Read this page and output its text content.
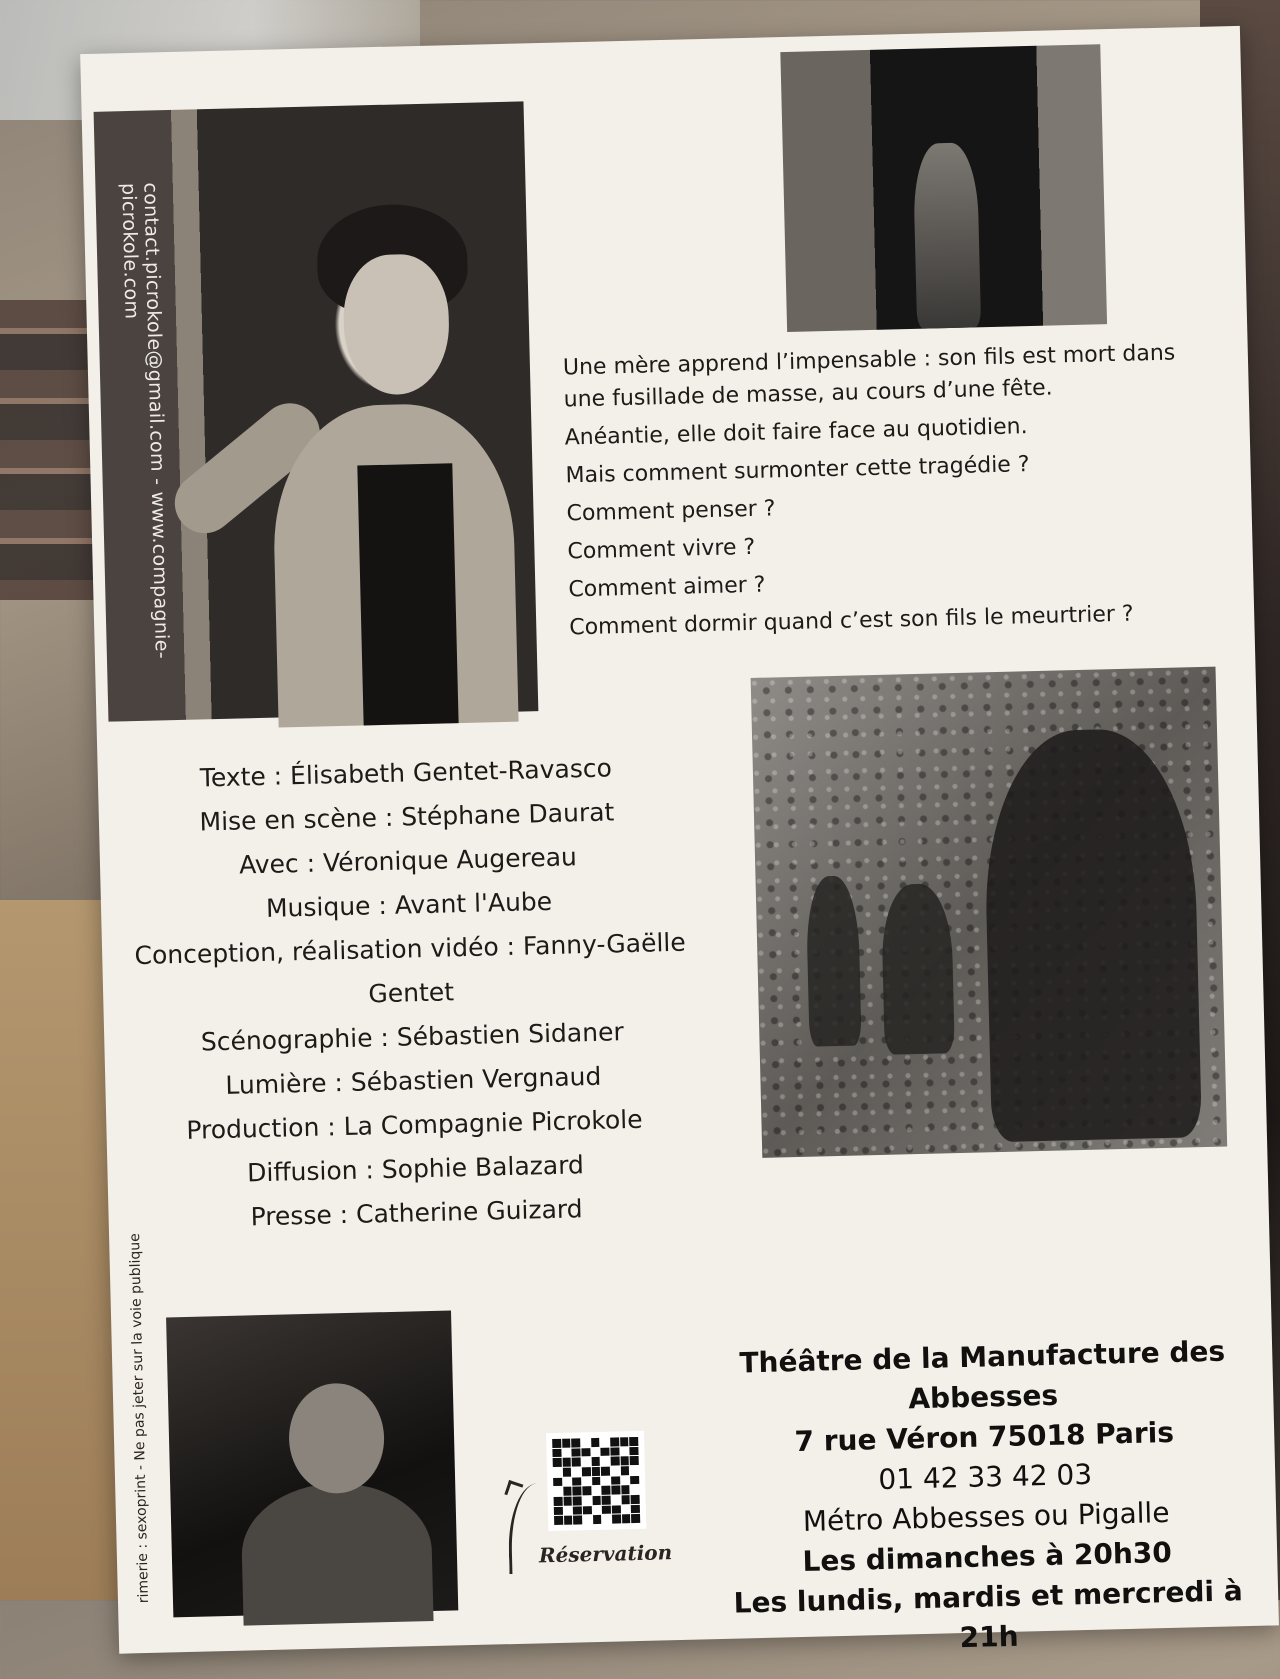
contact.picrokole@gmail.com - www.compagnie-picrokole.com

Une mère apprend l’impensable : son fils est mort dans une fusillade de masse, au cours d’une fête.

Anéantie, elle doit faire face au quotidien.

Mais comment surmonter cette tragédie ?

Comment penser ?

Comment vivre ?

Comment aimer ?

Comment dormir quand c’est son fils le meurtrier ?

Texte : Élisabeth Gentet-Ravasco
Mise en scène : Stéphane Daurat
Avec : Véronique Augereau
Musique : Avant l'Aube
Conception, réalisation vidéo : Fanny-Gaëlle Gentet
Scénographie : Sébastien Sidaner
Lumière : Sébastien Vergnaud
Production : La Compagnie Picrokole
Diffusion : Sophie Balazard
Presse : Catherine Guizard
rimerie : sexoprint - Ne pas jeter sur la voie publique	Réservation
Théâtre de la Manufacture des Abbesses
7 rue Véron 75018 Paris
01 42 33 42 03
Métro Abbesses ou Pigalle
Les dimanches à 20h30
Les lundis, mardis et mercredi à 21h
